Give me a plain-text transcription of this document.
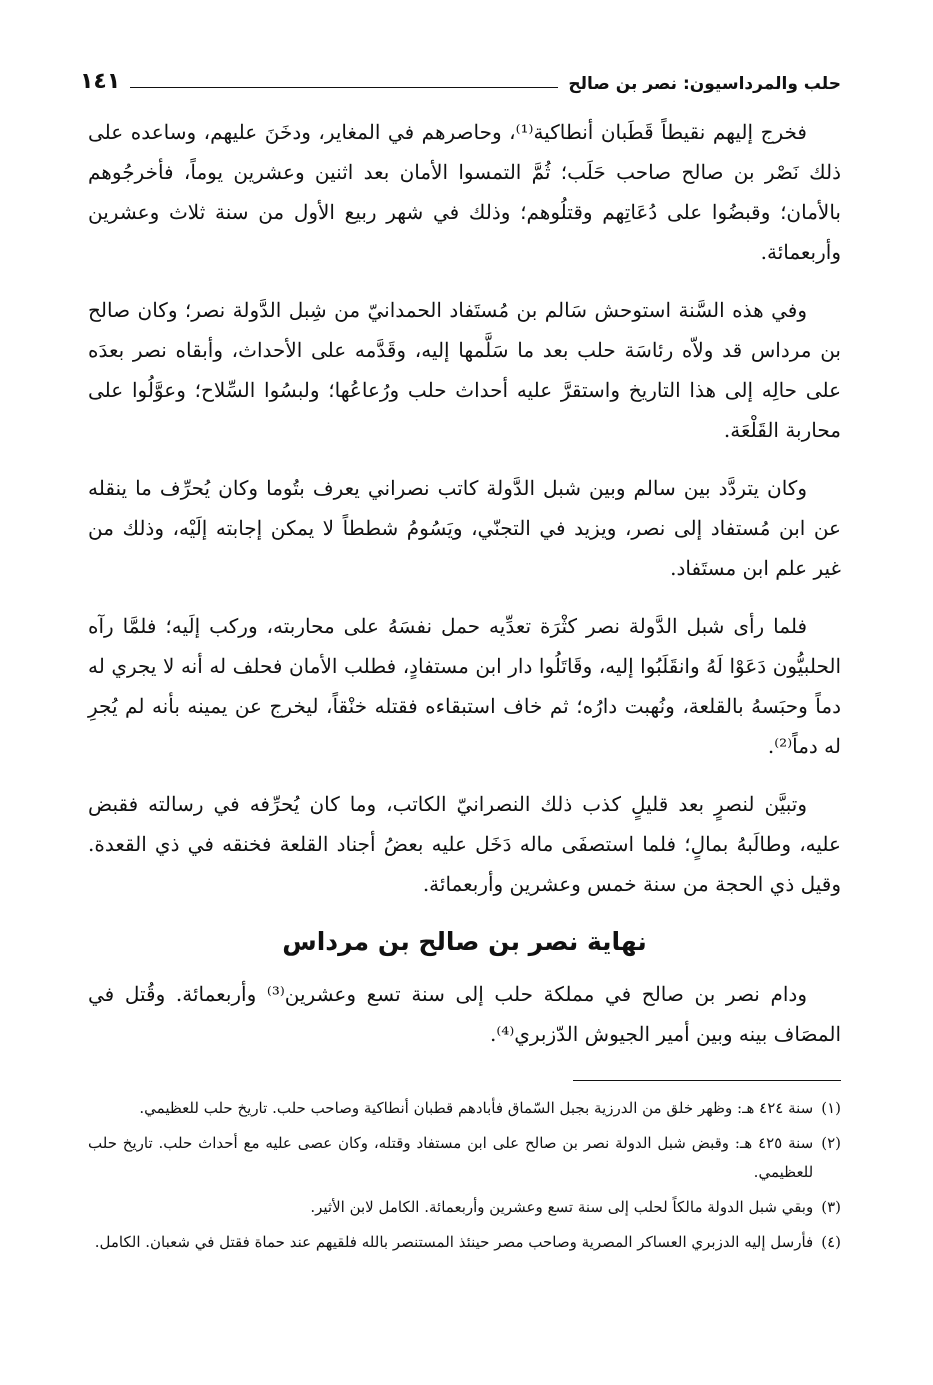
حلب والمرداسيون: نصر بن صالح
١٤١

فخرج إليهم نقيطاً قَطَبان أنطاكية⁽¹⁾، وحاصرهم في المغاير، ودخَنَ عليهم، وساعده على ذلك نَصْر بن صالح صاحب حَلَب؛ ثُمَّ التمسوا الأمان بعد اثنين وعشرين يوماً، فأخرجُوهم بالأمان؛ وقبضُوا على دُعَاتِهم وقتلُوهم؛ وذلك في شهر ربيع الأول من سنة ثلاث وعشرين وأربعمائة.

وفي هذه السَّنة استوحش سَالم بن مُستَفاد الحمدانيّ من شِبل الدَّولة نصر؛ وكان صالح بن مرداس قد ولاّه رئاسَة حلب بعد ما سَلَّمها إليه، وقَدَّمه على الأحداث، وأبقاه نصر بعدَه على حالِه إلى هذا التاريخ واستقرَّ عليه أحداث حلب ورُعاعُها؛ ولبسُوا السِّلاح؛ وعوَّلُوا على محاربة القَلْعَة.

وكان يتردَّد بين سالم وبين شبل الدَّولة كاتب نصراني يعرف بتُوما وكان يُحرِّف ما ينقله عن ابن مُستفاد إلى نصر، ويزيد في التجنّي، ويَسُومُ شططاً لا يمكن إجابته إلَيْه، وذلك من غير علم ابن مستَفاد.

فلما رأى شبل الدَّولة نصر كثْرَة تعدِّيه حمل نفسَهُ على محاربته، وركب إلَيه؛ فلمَّا رآه الحلبيُّون دَعَوْا لَهُ وانقَلَبُوا إليه، وقَاتَلُوا دار ابن مستفادٍ، فطلب الأمان فحلف له أنه لا يجري له دماً وحبَسهُ بالقلعة، ونُهبت دارُه؛ ثم خاف استبقاءه فقتله خنْقاً، ليخرج عن يمينه بأنه لم يُجرِ له دماً⁽²⁾.

وتبيَّن لنصرٍ بعد قليلٍ كذب ذلك النصرانيّ الكاتب، وما كان يُحرِّفه في رسالته فقبض عليه، وطالَبهُ بمالٍ؛ فلما استصفَى ماله دَخَل عليه بعضُ أجناد القلعة فخنقه في ذي القعدة. وقيل ذي الحجة من سنة خمس وعشرين وأربعمائة.

نهاية نصر بن صالح بن مرداس

ودام نصر بن صالح في مملكة حلب إلى سنة تسع وعشرين⁽³⁾ وأربعمائة. وقُتل في المصَاف بينه وبين أمير الجيوش الدّزبري⁽⁴⁾.

(١)
سنة ٤٢٤ هـ: وظهر خلق من الدرزية بجبل السّماق فأبادهم قطبان أنطاكية وصاحب حلب. تاريخ حلب للعظيمي.
(٢)
سنة ٤٢٥ هـ: وقبض شبل الدولة نصر بن صالح على ابن مستفاد وقتله، وكان عصى عليه مع أحداث حلب. تاريخ حلب للعظيمي.
(٣)
وبقي شبل الدولة مالكاً لحلب إلى سنة تسع وعشرين وأربعمائة. الكامل لابن الأثير.
(٤)
فأرسل إليه الدزبري العساكر المصرية وصاحب مصر حينئذ المستنصر بالله فلقيهم عند حماة فقتل في شعبان. الكامل.
